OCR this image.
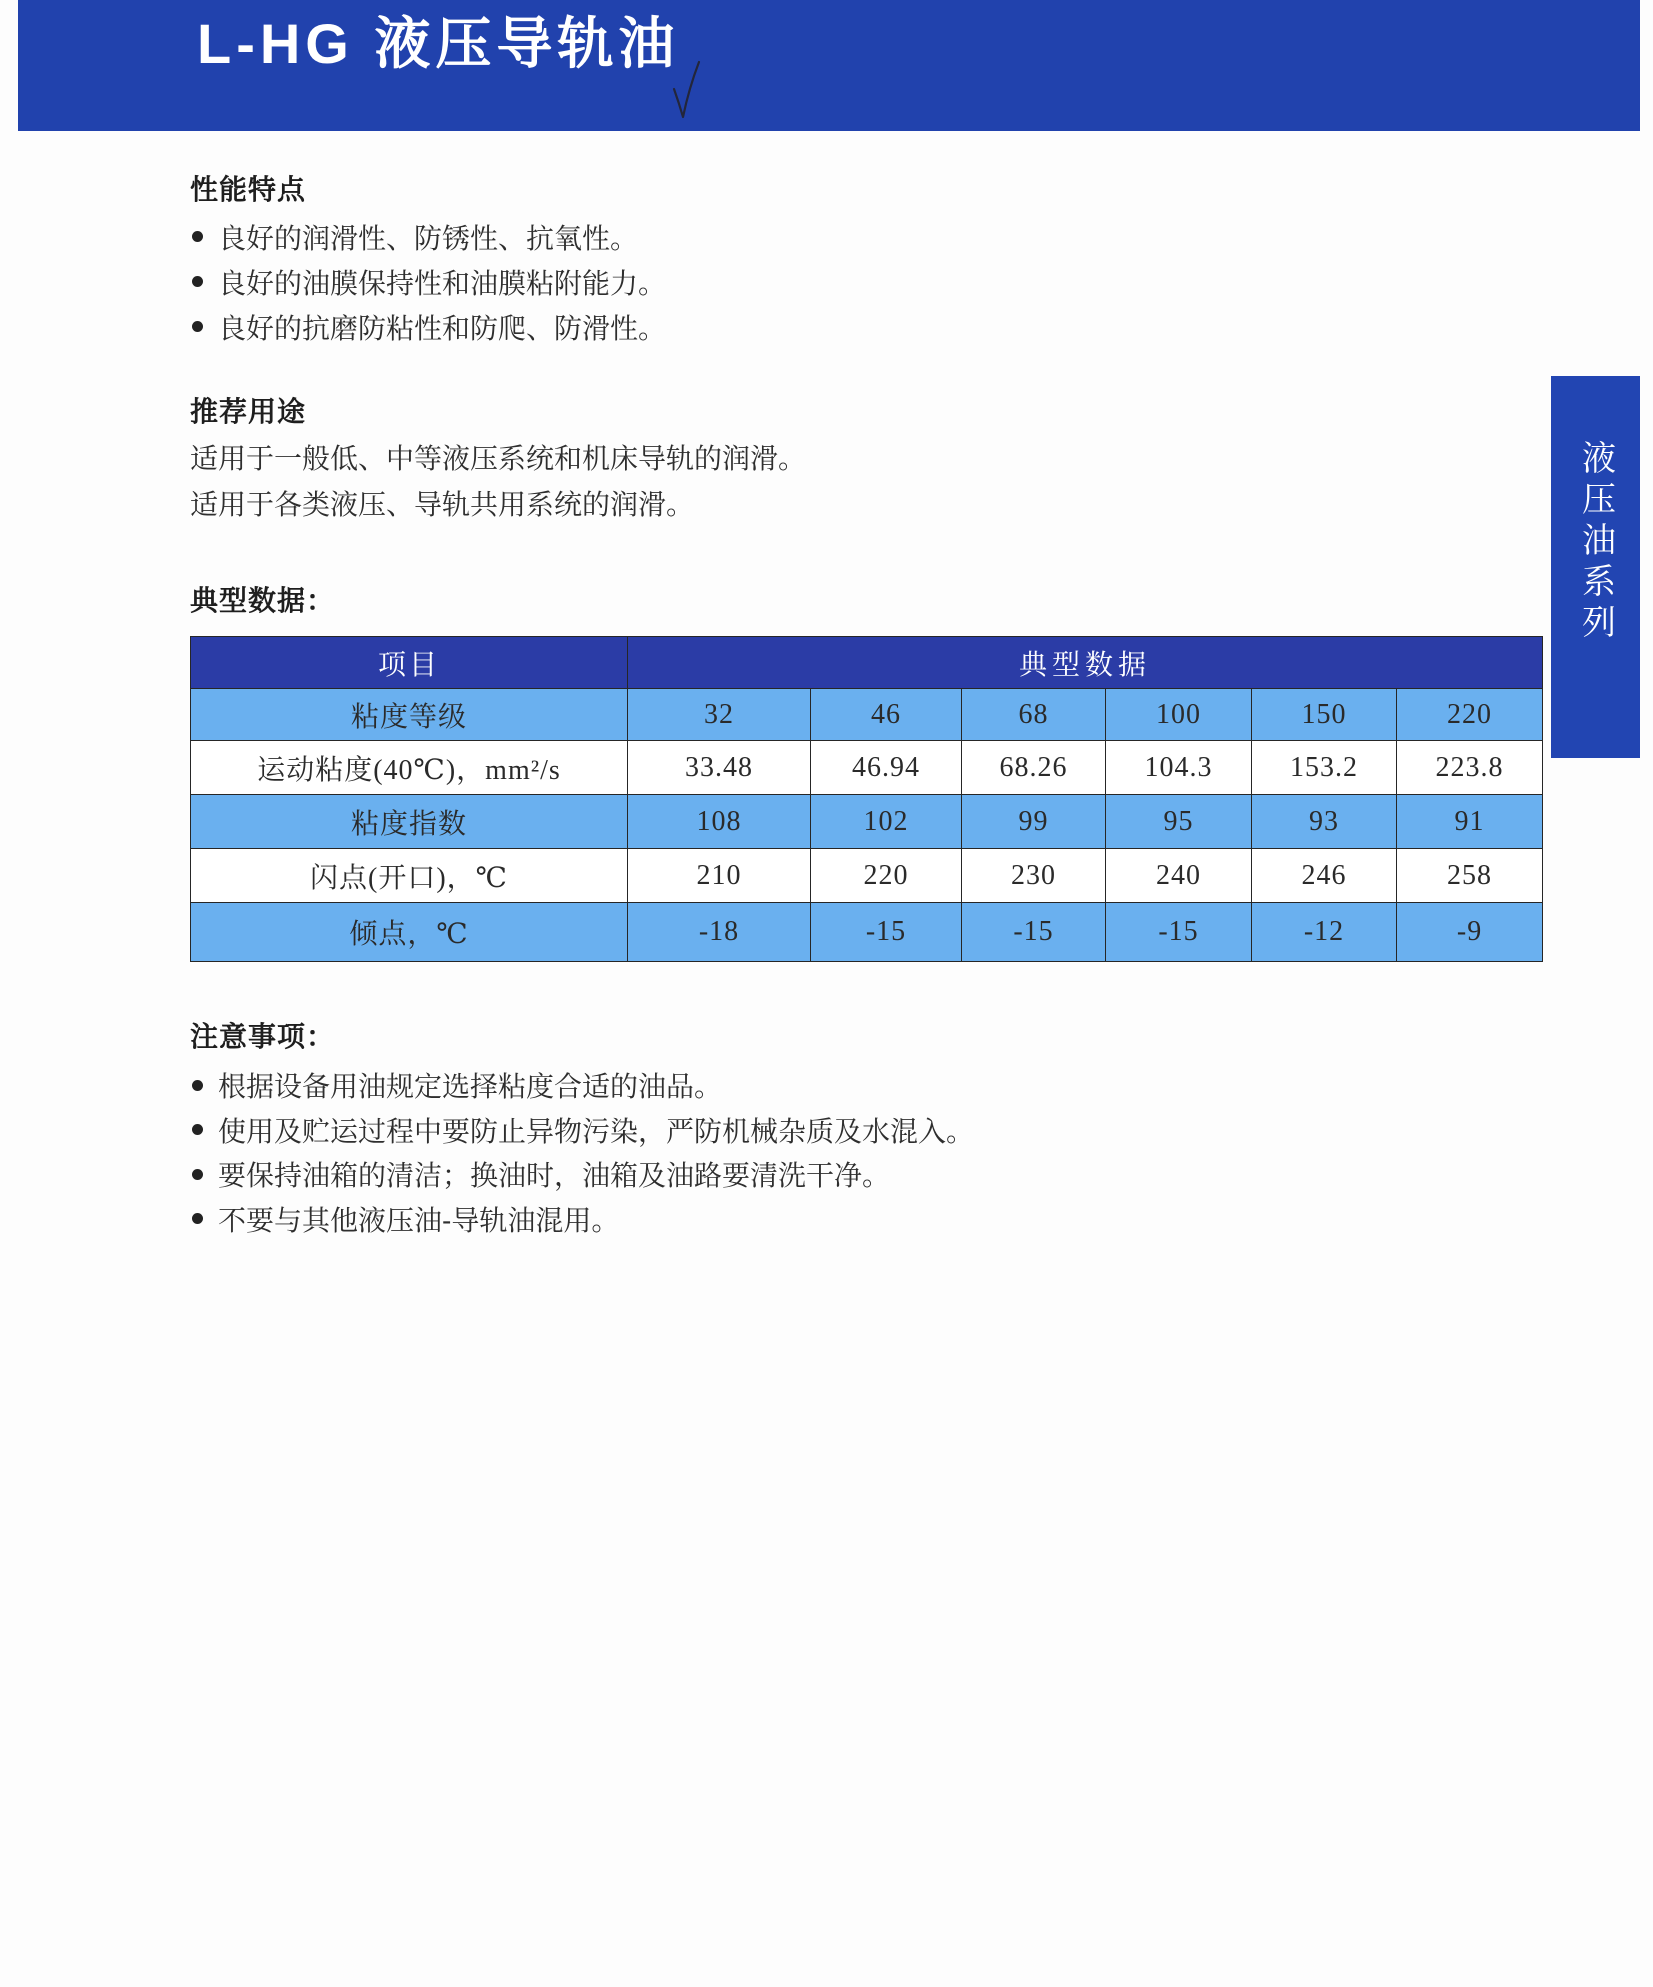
L-HG 液压导轨油
液压油系列
性能特点
良好的润滑性、防锈性、抗氧性。
良好的油膜保持性和油膜粘附能力。
良好的抗磨防粘性和防爬、防滑性。
推荐用途
适用于一般低、中等液压系统和机床导轨的润滑。
适用于各类液压、导轨共用系统的润滑。
典型数据：
项目	典型数据					
粘度等级	32	46	68	100	150	220
运动粘度(40℃)，mm²/s	33.48	46.94	68.26	104.3	153.2	223.8
粘度指数	108	102	99	95	93	91
闪点(开口)，℃	210	220	230	240	246	258
倾点，℃	-18	-15	-15	-15	-12	-9
注意事项：
根据设备用油规定选择粘度合适的油品。
使用及贮运过程中要防止异物污染，严防机械杂质及水混入。
要保持油箱的清洁；换油时，油箱及油路要清洗干净。
不要与其他液压油-导轨油混用。
